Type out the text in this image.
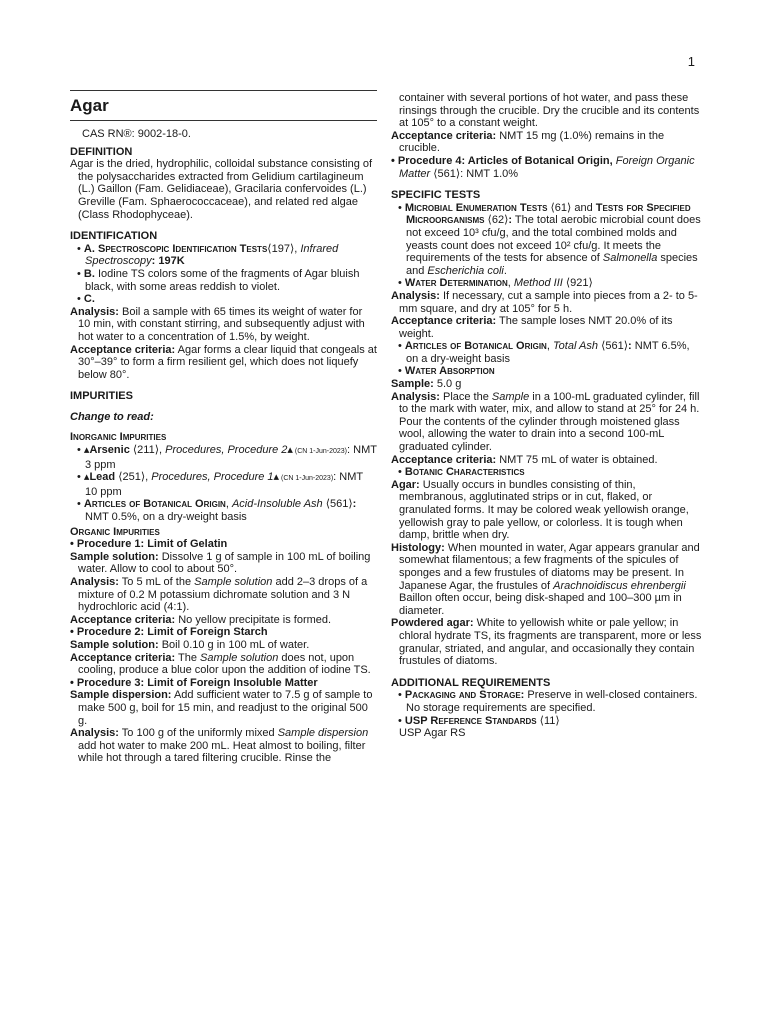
1
Agar
CAS RN®: 9002-18-0.
DEFINITION

Agar is the dried, hydrophilic, colloidal substance consisting of the polysaccharides extracted from Gelidium cartilagineum (L.) Gaillon (Fam. Gelidiaceae), Gracilaria confervoides (L.) Greville (Fam. Sphaerococcaceae), and related red algae (Class Rhodophyceae).

IDENTIFICATION

• A. Spectroscopic Identification Tests⟨197⟩, Infrared Spectroscopy: 197K

• B. Iodine TS colors some of the fragments of Agar bluish black, with some areas reddish to violet.

• C.

Analysis: Boil a sample with 65 times its weight of water for 10 min, with constant stirring, and subsequently adjust with hot water to a concentration of 1.5%, by weight.

Acceptance criteria: Agar forms a clear liquid that congeals at 30°–39° to form a firm resilient gel, which does not liquefy below 80°.

IMPURITIES
Change to read:
Inorganic Impurities

• ▴Arsenic ⟨211⟩, Procedures, Procedure 2▴ (CN 1-Jun-2023): NMT 3 ppm

• ▴Lead ⟨251⟩, Procedures, Procedure 1▴ (CN 1-Jun-2023): NMT 10 ppm

• Articles of Botanical Origin, Acid-Insoluble Ash ⟨561⟩: NMT 0.5%, on a dry-weight basis

Organic Impurities
• Procedure 1: Limit of Gelatin

Sample solution: Dissolve 1 g of sample in 100 mL of boiling water. Allow to cool to about 50°.

Analysis: To 5 mL of the Sample solution add 2–3 drops of a mixture of 0.2 M potassium dichromate solution and 3 N hydrochloric acid (4:1).

Acceptance criteria: No yellow precipitate is formed.

• Procedure 2: Limit of Foreign Starch

Sample solution: Boil 0.10 g in 100 mL of water.

Acceptance criteria: The Sample solution does not, upon cooling, produce a blue color upon the addition of iodine TS.

• Procedure 3: Limit of Foreign Insoluble Matter

Sample dispersion: Add sufficient water to 7.5 g of sample to make 500 g, boil for 15 min, and readjust to the original 500 g.

Analysis: To 100 g of the uniformly mixed Sample dispersion add hot water to make 200 mL. Heat almost to boiling, filter while hot through a tared filtering crucible. Rinse the

container with several portions of hot water, and pass these rinsings through the crucible. Dry the crucible and its contents at 105° to a constant weight.

Acceptance criteria: NMT 15 mg (1.0%) remains in the crucible.

• Procedure 4: Articles of Botanical Origin, Foreign Organic Matter ⟨561⟩: NMT 1.0%

SPECIFIC TESTS

• Microbial Enumeration Tests ⟨61⟩ and Tests for Specified Microorganisms ⟨62⟩: The total aerobic microbial count does not exceed 10³ cfu/g, and the total combined molds and yeasts count does not exceed 10² cfu/g. It meets the requirements of the tests for absence of Salmonella species and Escherichia coli.

• Water Determination, Method III ⟨921⟩

Analysis: If necessary, cut a sample into pieces from a 2- to 5-mm square, and dry at 105° for 5 h.

Acceptance criteria: The sample loses NMT 20.0% of its weight.

• Articles of Botanical Origin, Total Ash ⟨561⟩: NMT 6.5%, on a dry-weight basis

• Water Absorption

Sample: 5.0 g

Analysis: Place the Sample in a 100-mL graduated cylinder, fill to the mark with water, mix, and allow to stand at 25° for 24 h. Pour the contents of the cylinder through moistened glass wool, allowing the water to drain into a second 100-mL graduated cylinder.

Acceptance criteria: NMT 75 mL of water is obtained.

• Botanic Characteristics

Agar: Usually occurs in bundles consisting of thin, membranous, agglutinated strips or in cut, flaked, or granulated forms. It may be colored weak yellowish orange, yellowish gray to pale yellow, or colorless. It is tough when damp, brittle when dry.

Histology: When mounted in water, Agar appears granular and somewhat filamentous; a few fragments of the spicules of sponges and a few frustules of diatoms may be present. In Japanese Agar, the frustules of Arachnoidiscus ehrenbergii Baillon often occur, being disk-shaped and 100–300 µm in diameter.

Powdered agar: White to yellowish white or pale yellow; in chloral hydrate TS, its fragments are transparent, more or less granular, striated, and angular, and occasionally they contain frustules of diatoms.

ADDITIONAL REQUIREMENTS

• Packaging and Storage: Preserve in well-closed containers. No storage requirements are specified.

• USP Reference Standards ⟨11⟩

USP Agar RS
